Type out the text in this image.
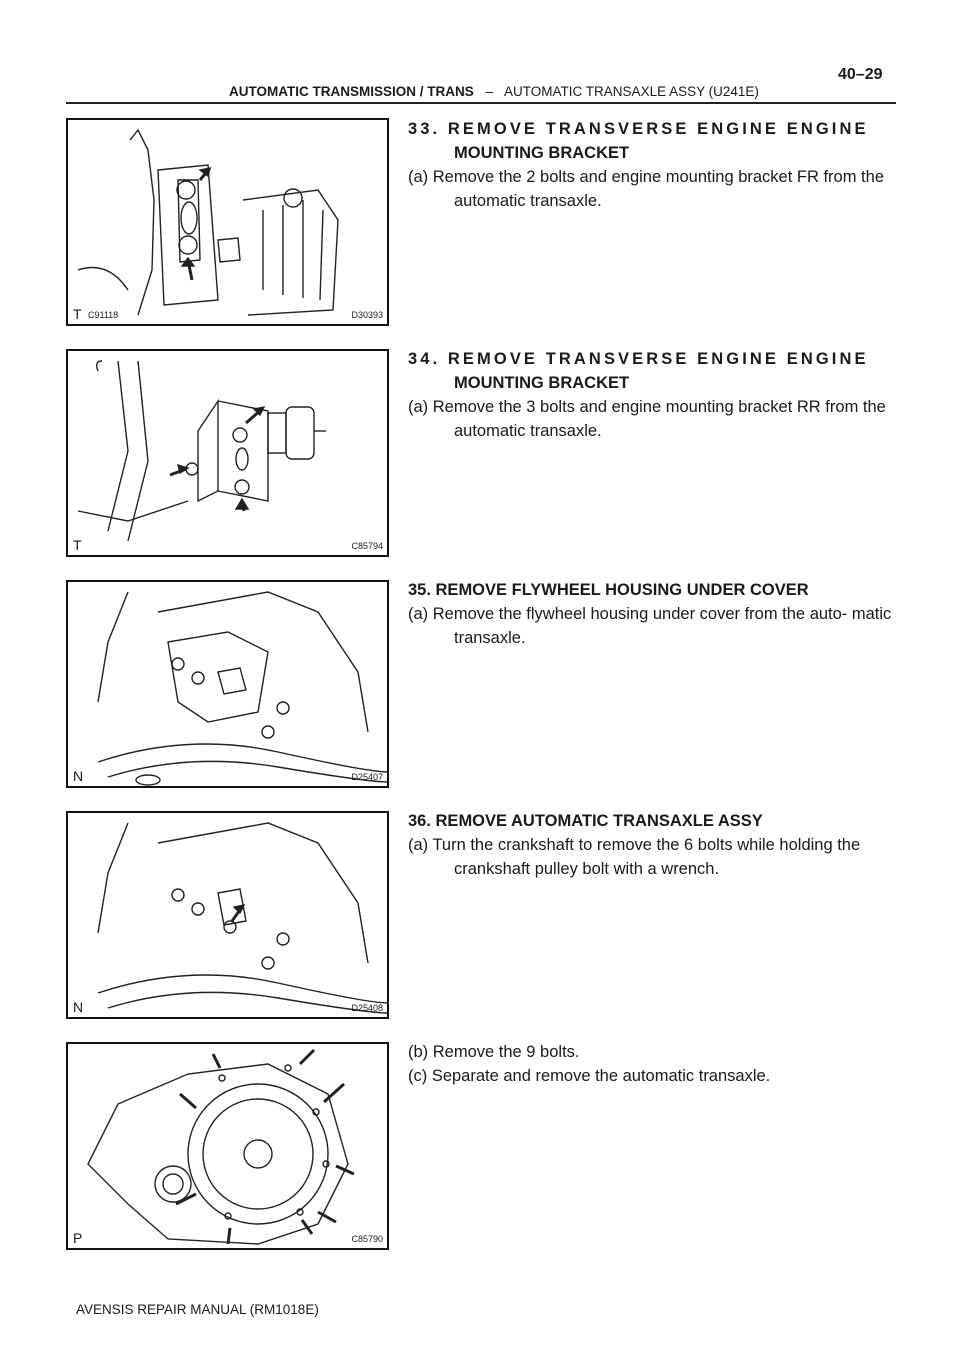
AUTOMATIC TRANSMISSION / TRANS – AUTOMATIC TRANSAXLE ASSY (U241E)
40–29
T C91118	D30393
T	C85794
N	D25407
N	D25408
P	C85790
33. REMOVE TRANSVERSE ENGINE ENGINE
MOUNTING BRACKET
(a) Remove the 2 bolts and engine mounting bracket FR from the automatic transaxle.
34. REMOVE TRANSVERSE ENGINE ENGINE
MOUNTING BRACKET
(a) Remove the 3 bolts and engine mounting bracket RR from the automatic transaxle.
35. REMOVE FLYWHEEL HOUSING UNDER COVER
(a) Remove the flywheel housing under cover from the auto- matic transaxle.
36. REMOVE AUTOMATIC TRANSAXLE ASSY
(a) Turn the crankshaft to remove the 6 bolts while holding the crankshaft pulley bolt with a wrench.
(b) Remove the 9 bolts.
(c) Separate and remove the automatic transaxle.
AVENSIS REPAIR MANUAL (RM1018E)
